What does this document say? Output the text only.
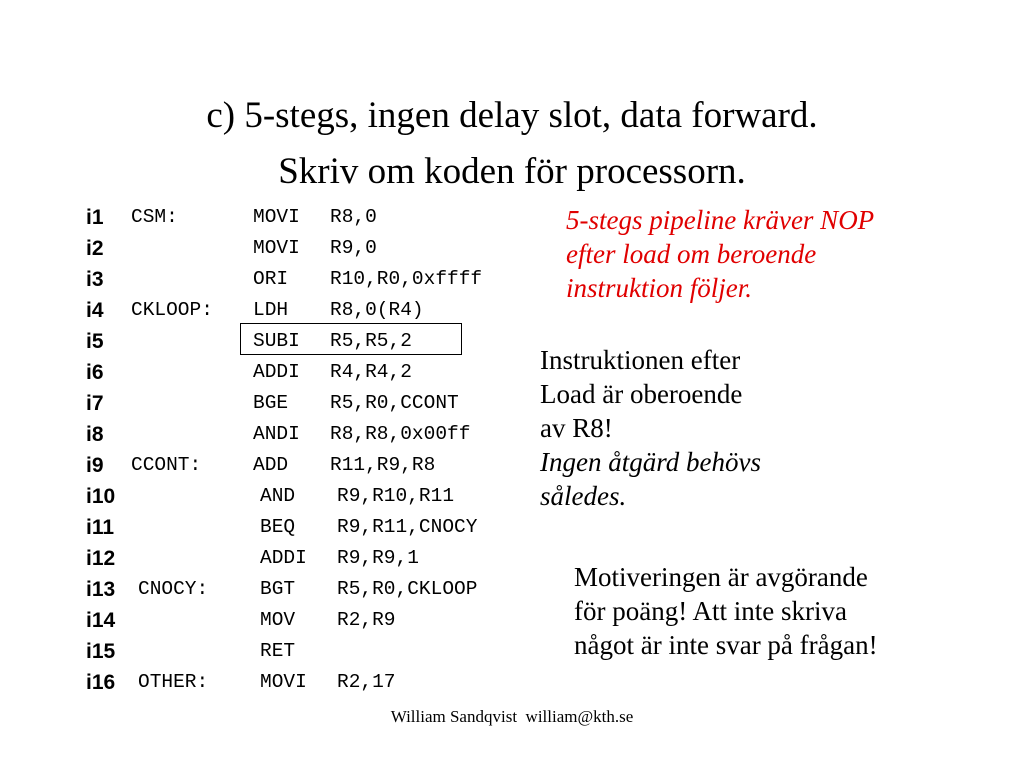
c) 5-stegs, ingen delay slot, data forward.
Skriv om koden för processorn.
i1 CSM:	MOVI R8,0
i2	MOVI R9,0
i3	ORI R10,R0,0xffff
i4 CKLOOP: LDH R8,0(R4)
i5	SUBI R5,R5,2
i6	ADDI R4,R4,2
i7	BGE R5,R0,CCONT
i8	ANDI R8,R8,0x00ff
i9 CCONT:	ADD R11,R9,R8
i10	AND R9,R10,R11
i11	BEQ R9,R11,CNOCY
i12	ADDI R9,R9,1
i13 CNOCY:	BGT R5,R0,CKLOOP
i14	MOV R2,R9
i15	RET
i16 OTHER:	MOVI R2,17
5-stegs pipeline kräver NOP
efter load om beroende
instruktion följer.
Instruktionen efter
Load är oberoende
av R8!
Ingen åtgärd behövs
således.
Motiveringen är avgörande
för poäng! Att inte skriva
något är inte svar på frågan!
William Sandqvist  william@kth.se
